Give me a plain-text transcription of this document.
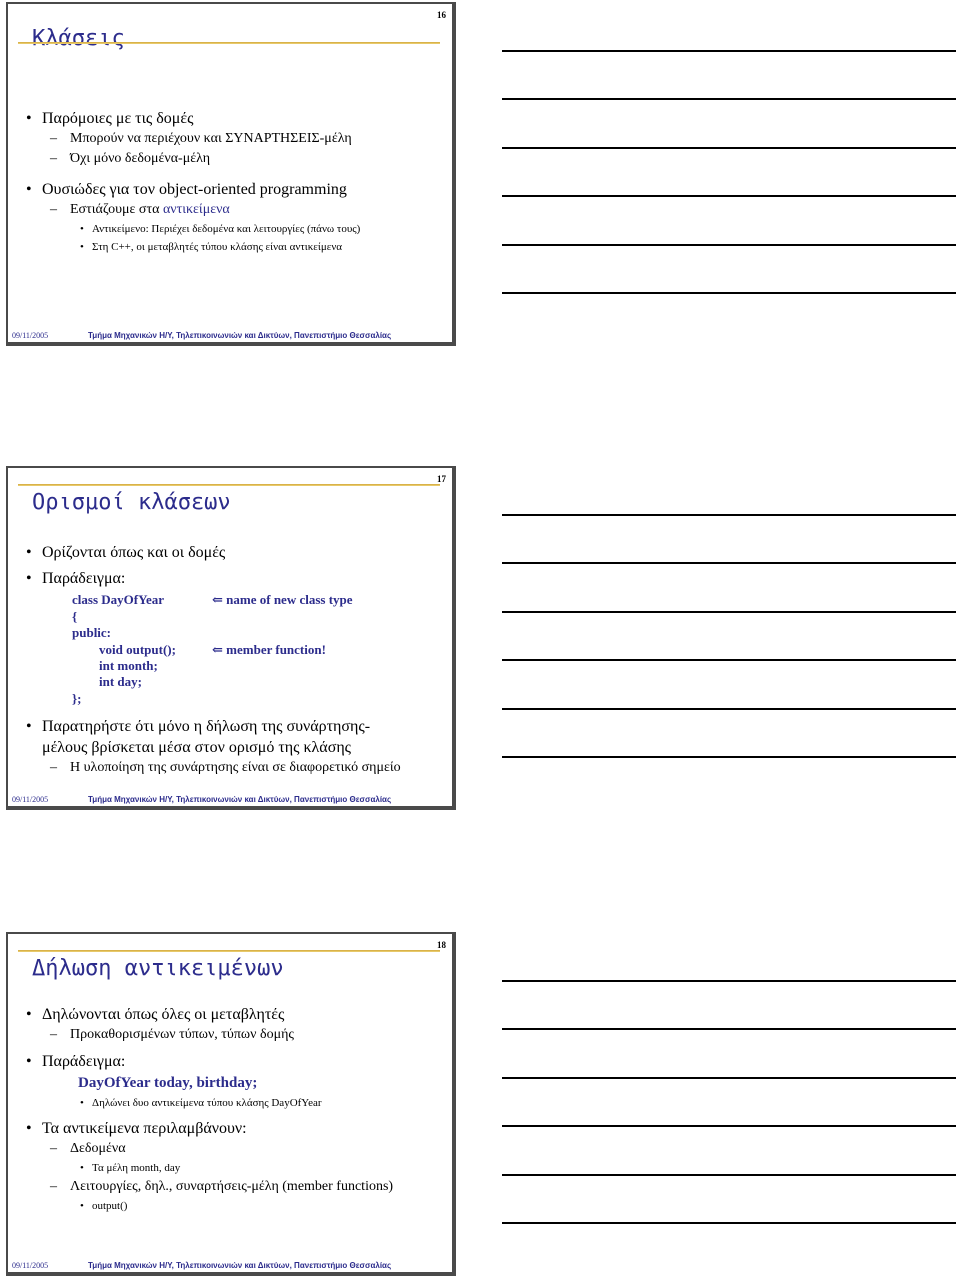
16
Κλάσεις
• Παρόμοιες με τις δομές
– Μπορούν να περιέχουν και ΣΥΝΑΡΤΗΣΕΙΣ-μέλη
– Όχι μόνο δεδομένα-μέλη
• Ουσιώδες για τον object-oriented programming
– Εστιάζουμε στα αντικείμενα
• Αντικείμενο: Περιέχει δεδομένα και λειτουργίες (πάνω τους)
• Στη C++, οι μεταβλητές τύπου κλάσης είναι αντικείμενα
09/11/2005	Τμήμα Μηχανικών Η/Υ, Τηλεπικοινωνιών και Δικτύων, Πανεπιστήμιο Θεσσαλίας
17
Ορισμοί κλάσεων
• Ορίζονται όπως και οι δομές
• Παράδειγμα:
class DayOfYear
{
public:
void output();
int month;
int day;
};
⇐ name of new class type
⇐ member function!
• Παρατηρήστε ότι μόνο η δήλωση της συνάρτησης-
μέλους βρίσκεται μέσα στον ορισμό της κλάσης
– Η υλοποίηση της συνάρτησης είναι σε διαφορετικό σημείο
09/11/2005	Τμήμα Μηχανικών Η/Υ, Τηλεπικοινωνιών και Δικτύων, Πανεπιστήμιο Θεσσαλίας
18
Δήλωση αντικειμένων
• Δηλώνονται όπως όλες οι μεταβλητές
– Προκαθορισμένων τύπων, τύπων δομής
• Παράδειγμα:
DayOfYear today, birthday;
• Δηλώνει δυο αντικείμενα τύπου κλάσης DayOfYear
• Τα αντικείμενα περιλαμβάνουν:
– Δεδομένα
• Τα μέλη month, day
– Λειτουργίες, δηλ., συναρτήσεις-μέλη (member functions)
• output()
09/11/2005	Τμήμα Μηχανικών Η/Υ, Τηλεπικοινωνιών και Δικτύων, Πανεπιστήμιο Θεσσαλίας
